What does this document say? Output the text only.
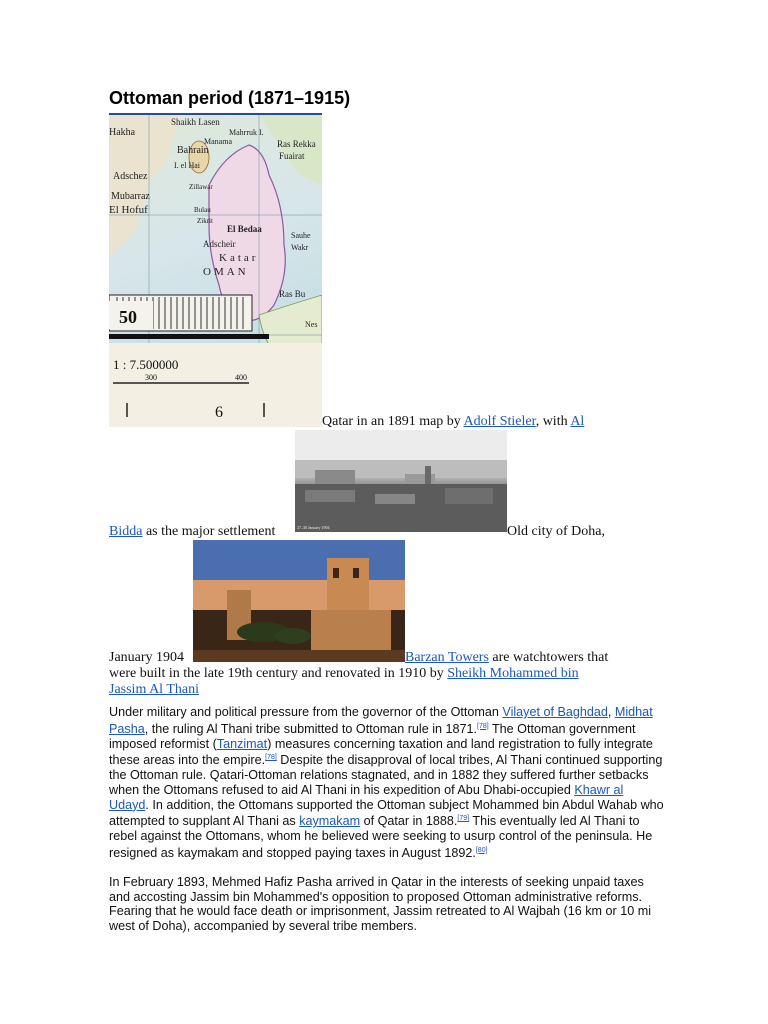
Ottoman period (1871–1915)
Shaikh Lasen
Mahrruk I.
Manama
Bahrain
Ras Rekka
Fuairat
Adschez
Mubarraz
El Hofuf
I. el Hai
Zillawar
Bulau
Zikrit
El Bedaa
Adscheir
Katar
OMAN
Ras Bu
Wakr
Sauhe
Nes
Hakha
50
1 : 7.500000
300	400
6
27–30 January 1904
Qatar in an 1891 map by Adolf Stieler, with Al
Bidda as the major settlement	Old city of Doha,
January 1904	Barzan Towers are watchtowers that
were built in the late 19th century and renovated in 1910 by Sheikh Mohammed bin
Jassim Al Thani

Under military and political pressure from the governor of the Ottoman Vilayet of Baghdad, Midhat Pasha, the ruling Al Thani tribe submitted to Ottoman rule in 1871.[78] The Ottoman government imposed reformist (Tanzimat) measures concerning taxation and land registration to fully integrate these areas into the empire.[78] Despite the disapproval of local tribes, Al Thani continued supporting the Ottoman rule. Qatari-Ottoman relations stagnated, and in 1882 they suffered further setbacks when the Ottomans refused to aid Al Thani in his expedition of Abu Dhabi-occupied Khawr al Udayd. In addition, the Ottomans supported the Ottoman subject Mohammed bin Abdul Wahab who attempted to supplant Al Thani as kaymakam of Qatar in 1888.[79] This eventually led Al Thani to rebel against the Ottomans, whom he believed were seeking to usurp control of the peninsula. He resigned as kaymakam and stopped paying taxes in August 1892.[80]

In February 1893, Mehmed Hafiz Pasha arrived in Qatar in the interests of seeking unpaid taxes and accosting Jassim bin Mohammed's opposition to proposed Ottoman administrative reforms. Fearing that he would face death or imprisonment, Jassim retreated to Al Wajbah (16 km or 10 mi west of Doha), accompanied by several tribe members.
